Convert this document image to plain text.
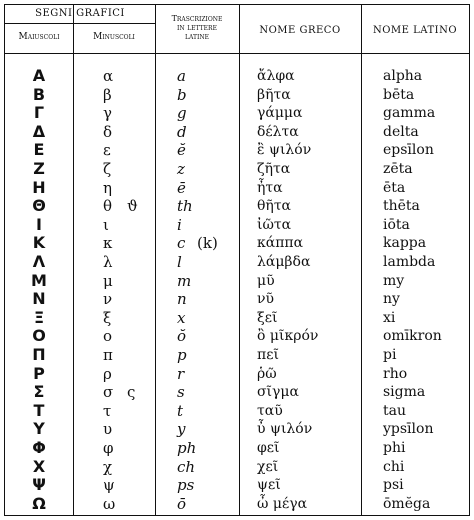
SEGNI GRAFICI
Maiuscoli	Minuscoli
Trascrizione
in lettere
latine
NOME GRECO	NOME LATINO
Α	α	a	ἄλφα	alpha
Β	β	b	βῆτα	bēta
Γ	γ	g	γάμμα	gamma
Δ	δ	d	δέλτα	delta
Ε	ε	ĕ	ἒ ψιλόν	epsīlon
Ζ	ζ	z	ζῆτα	zēta
Η	η	ē	ἦτα	ēta
Θ	θ ϑ	th	θῆτα	thēta
Ι	ι	i	ἰῶτα	iōta
Κ	κ	c (k)	κάππα	kappa
Λ	λ	l	λάμβδα	lambda
Μ	μ	m	μῦ	my
Ν	ν	n	νῦ	ny
Ξ	ξ	x	ξεῖ	xi
Ο	ο	ŏ	ὂ μῖκρόν	omīkron
Π	π	p	πεῖ	pi
Ρ	ρ	r	ῥῶ	rho
Σ	σ ς	s	σῖγμα	sigma
Τ	τ	t	ταῦ	tau
Υ	υ	y	ὖ ψιλόν	ypsīlon
Φ	φ	ph	φεῖ	phi
Χ	χ	ch	χεῖ	chi
Ψ	ψ	ps	ψεῖ	psi
Ω	ω	ō	ὦ μέγα	ōmĕga
